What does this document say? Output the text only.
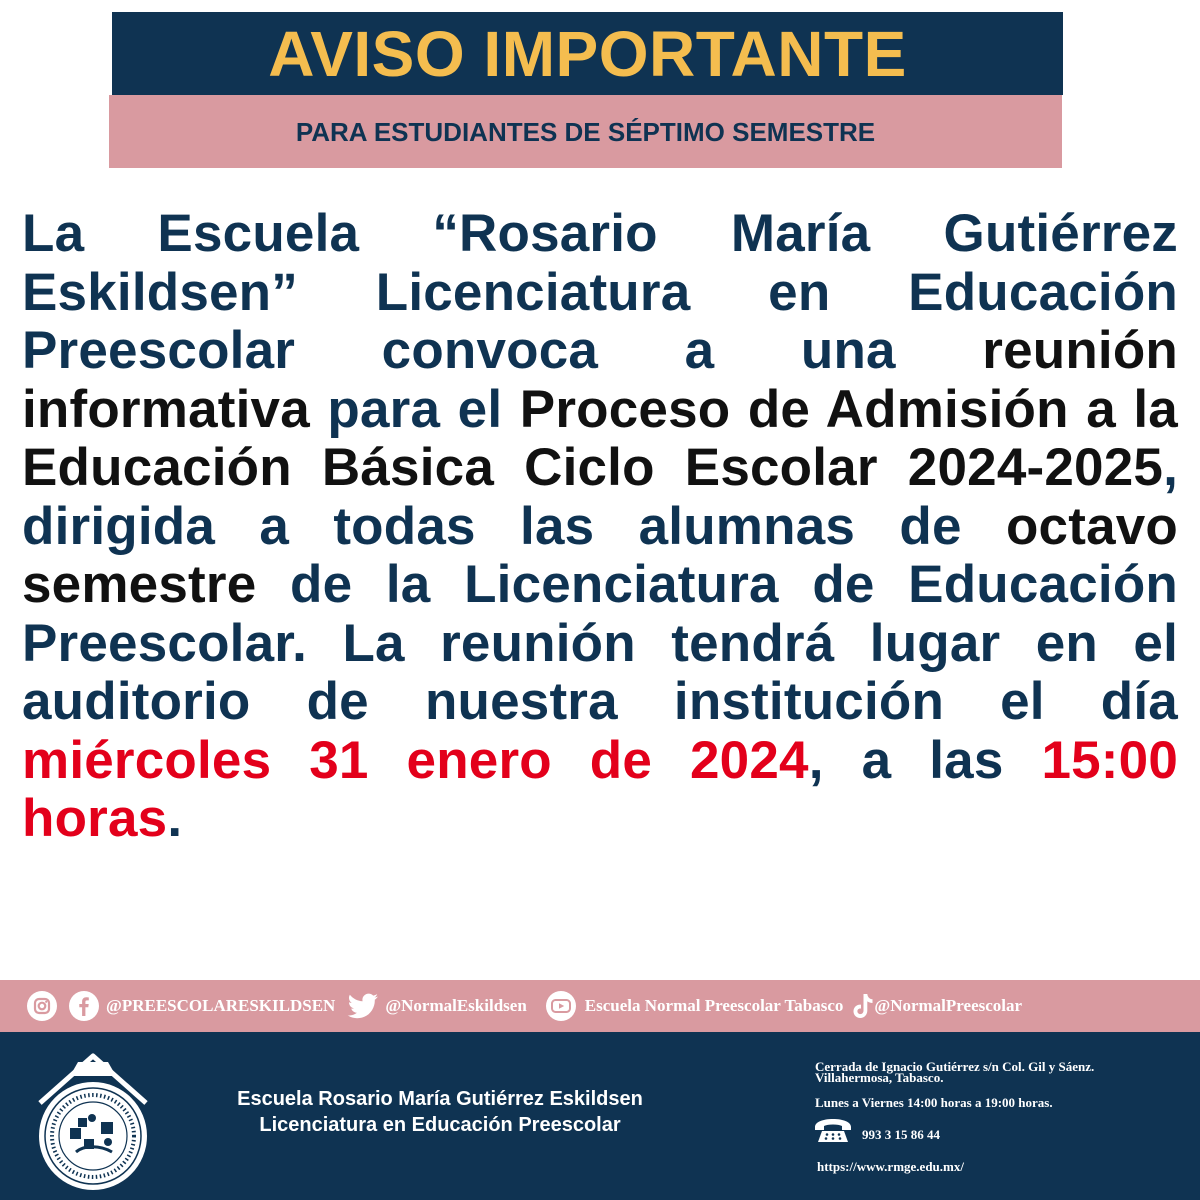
AVISO IMPORTANTE
PARA ESTUDIANTES DE SÉPTIMO SEMESTRE
La Escuela “Rosario María Gutiérrez Eskildsen” Licenciatura en Educación Preescolar convoca a una reunión informativa para el Proceso de Admisión a la Educación Básica Ciclo Escolar 2024-2025, dirigida a todas las alumnas de octavo semestre de la Licenciatura de Educación Preescolar. La reunión tendrá lugar en el auditorio de nuestra institución el día miércoles 31 enero de 2024, a las 15:00 horas.
@PREESCOLARESKILDSEN	@NormalEskildsen	Escuela Normal Preescolar Tabasco @NormalPreescolar
TABASCO
Escuela Rosario María Gutiérrez Eskildsen
Licenciatura en Educación Preescolar
Cerrada de Ignacio Gutiérrez s/n Col. Gil y Sáenz.
Villahermosa, Tabasco.
Lunes a Viernes 14:00 horas a 19:00 horas.
993 3 15 86 44
https://www.rmge.edu.mx/
